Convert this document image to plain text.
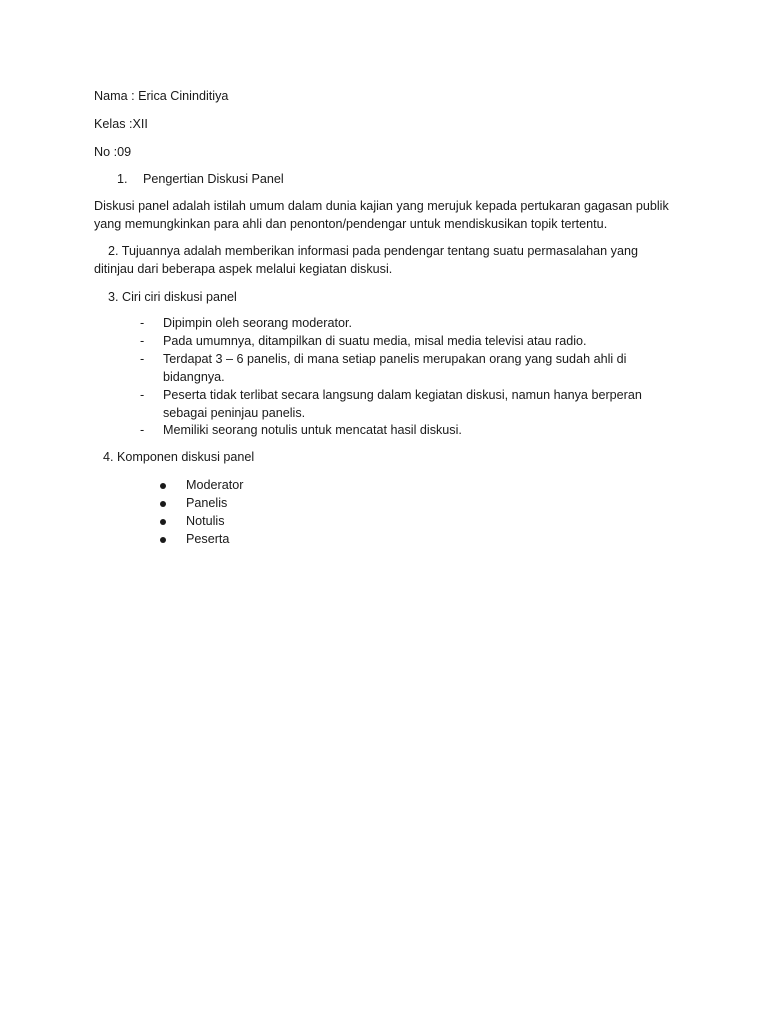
Nama : Erica Cininditiya
Kelas :XII
No :09
1. Pengertian Diskusi Panel
Diskusi panel adalah istilah umum dalam dunia kajian yang merujuk kepada pertukaran gagasan publik yang memungkinkan para ahli dan penonton/pendengar untuk mendiskusikan topik tertentu.
2. Tujuannya adalah memberikan informasi pada pendengar tentang suatu permasalahan yang
ditinjau dari beberapa aspek melalui kegiatan diskusi.
3. Ciri ciri diskusi panel
- Dipimpin oleh seorang moderator.
- Pada umumnya, ditampilkan di suatu media, misal media televisi atau radio.
- Terdapat 3 – 6 panelis, di mana setiap panelis merupakan orang yang sudah ahli di bidangnya.
- Peserta tidak terlibat secara langsung dalam kegiatan diskusi, namun hanya berperan sebagai peninjau panelis.
- Memiliki seorang notulis untuk mencatat hasil diskusi.
4. Komponen diskusi panel
Moderator
Panelis
Notulis
Peserta
